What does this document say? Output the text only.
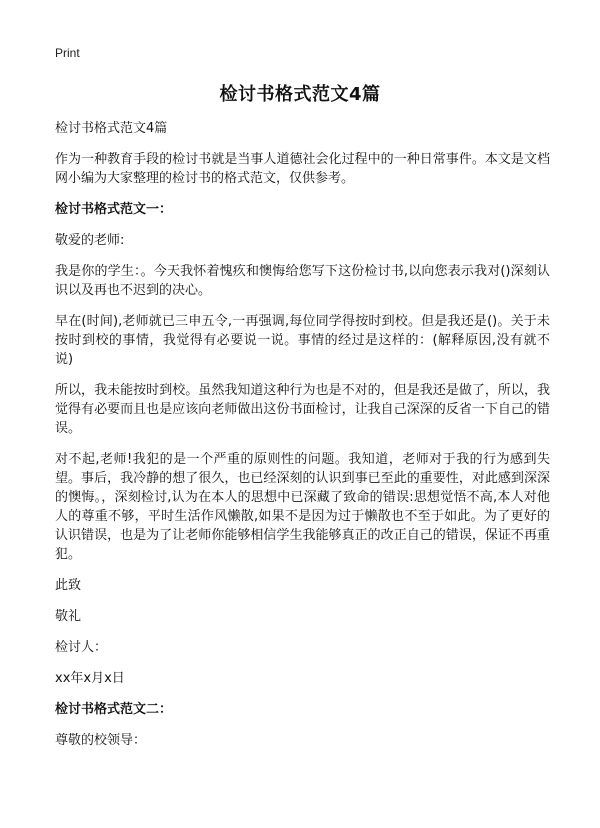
Print
检讨书格式范文4篇

检讨书格式范文4篇

作为一种教育手段的检讨书就是当事人道德社会化过程中的一种日常事件。本文是文档网小编为大家整理的检讨书的格式范文，仅供参考。

检讨书格式范文一：

敬爱的老师:

我是你的学生：。今天我怀着愧疚和懊悔给您写下这份检讨书,以向您表示我对()深刻认识以及再也不迟到的决心。

早在(时间),老师就已三申五令,一再强调,每位同学得按时到校。但是我还是()。关于未按时到校的事情，我觉得有必要说一说。事情的经过是这样的：(解释原因,没有就不说)

所以，我未能按时到校。虽然我知道这种行为也是不对的，但是我还是做了，所以，我觉得有必要而且也是应该向老师做出这份书面检讨，让我自己深深的反省一下自己的错误。

对不起,老师!我犯的是一个严重的原则性的问题。我知道，老师对于我的行为感到失望。事后，我冷静的想了很久，也已经深刻的认识到事已至此的重要性，对此感到深深的懊悔。，深刻检讨,认为在本人的思想中已深藏了致命的错误:思想觉悟不高,本人对他人的尊重不够，平时生活作风懒散,如果不是因为过于懒散也不至于如此。为了更好的认识错误，也是为了让老师你能够相信学生我能够真正的改正自己的错误，保证不再重犯。

此致

敬礼

检讨人：

xx年x月x日

检讨书格式范文二：

尊敬的校领导：
